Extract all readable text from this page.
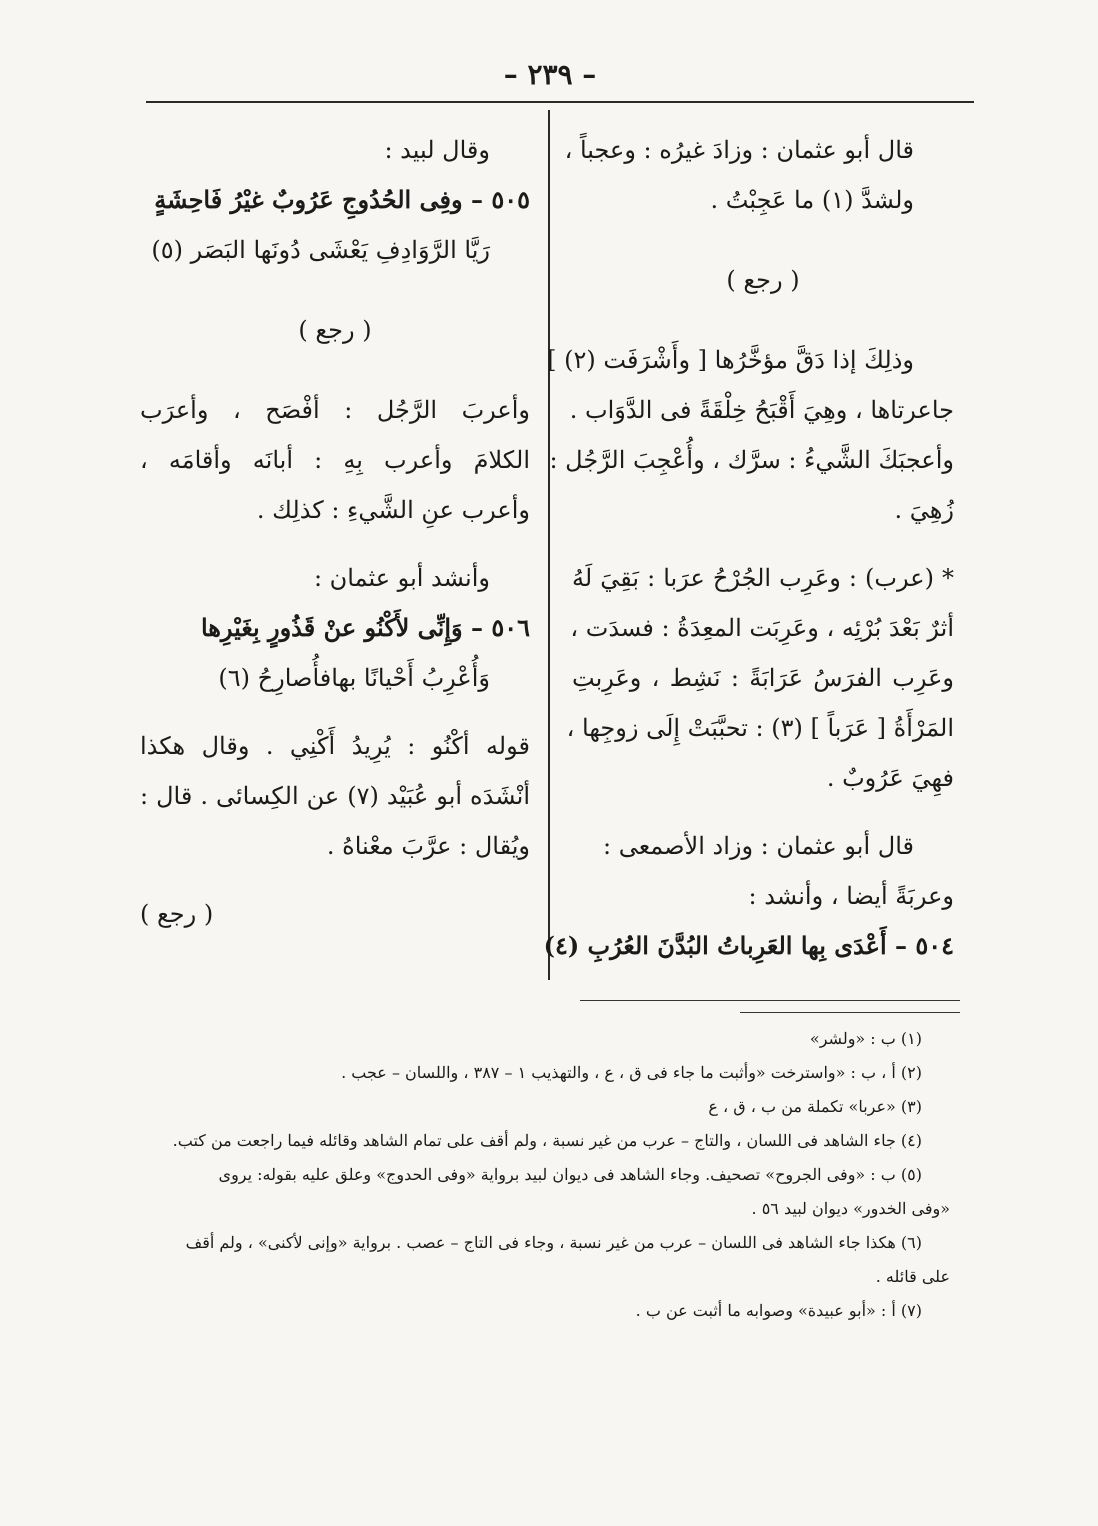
– ٢٣٩ –
قال أبو عثمان : وزادَ غيرُه : وعجباً ،
ولشدَّ (١) ما عَجِبْتُ .
( رجع )
وذلِكَ إذا دَقَّ مؤخَّرُها [ وأَشْرَفَت (٢) ]
جاعرتاها ، وهِيَ أَقْبَحُ خِلْقَةً فى الدَّوَاب .
وأعجبَكَ الشَّيءُ : سرَّك ، وأُعْجِبَ الرَّجُل :
زُهِيَ .
* (عرب) : وعَرِب الجُرْحُ عرَبا : بَقِيَ لَهُ
أثرٌ بَعْدَ بُرْئِه ، وعَرِبَت المعِدَةُ : فسدَت ،
وعَرِب الفرَسُ عَرَابَةً : نَشِط ، وعَرِبتِ
المَرْأَةُ [ عَرَباً ] (٣) : تحبَّبَتْ إِلَى زوجِها ،
فهِيَ عَرُوبٌ .
قال أبو عثمان : وزاد الأصمعى :
وعربَةً أيضا ، وأنشد :
٥٠٤ – أَعْدَى بِها العَرِباتُ البُدَّنَ العُرُبِ (٤)
وقال لبيد :
٥٠٥ – وفِى الحُدُوجِ عَرُوبٌ غيْرُ فَاحِشَةٍ
رَيَّا الرَّوَادِفِ يَعْشَى دُونَها البَصَر (٥)
( رجع )
وأعربَ الرَّجُل : أفْصَح ، وأعرَب
الكلامَ وأعرب بِهِ : أبانَه وأقامَه ،
وأعرب عنِ الشَّيءِ : كذلِك .
وأنشد أبو عثمان :
٥٠٦ – وَإِنِّى لأَكْنُو عنْ قَذُورٍ بِغَيْرِها
وَأُعْرِبُ أَحْيانًا بهافأُصارِحُ (٦)
قوله أكْنُو : يُرِيدُ أَكْنِي . وقال هكذا
أنْشَدَه أبو عُبَيْد (٧) عن الكِسائى . قال :
ويُقال : عرَّبَ معْناهُ .
( رجع )
(١) ب : «ولشر»
(٢) أ ، ب : «واسترخت «وأثبت ما جاء فى ق ، ع ، والتهذيب ١ – ٣٨٧ ، واللسان – عجب .
(٣) «عربا» تكملة من ب ، ق ، ع
(٤) جاء الشاهد فى اللسان ، والتاج – عرب من غير نسبة ، ولم أقف على تمام الشاهد وقائله فيما راجعت من كتب.
(٥) ب : «وفى الجروح» تصحيف. وجاء الشاهد فى ديوان لبيد برواية «وفى الحدوج» وعلق عليه بقوله: يروى
«وفى الخدور» ديوان لبيد ٥٦ .
(٦) هكذا جاء الشاهد فى اللسان – عرب من غير نسبة ، وجاء فى التاج – عصب . برواية «وإنى لأكنى» ، ولم أقف
على قائله .
(٧) أ : «أبو عبيدة» وصوابه ما أثبت عن ب .
